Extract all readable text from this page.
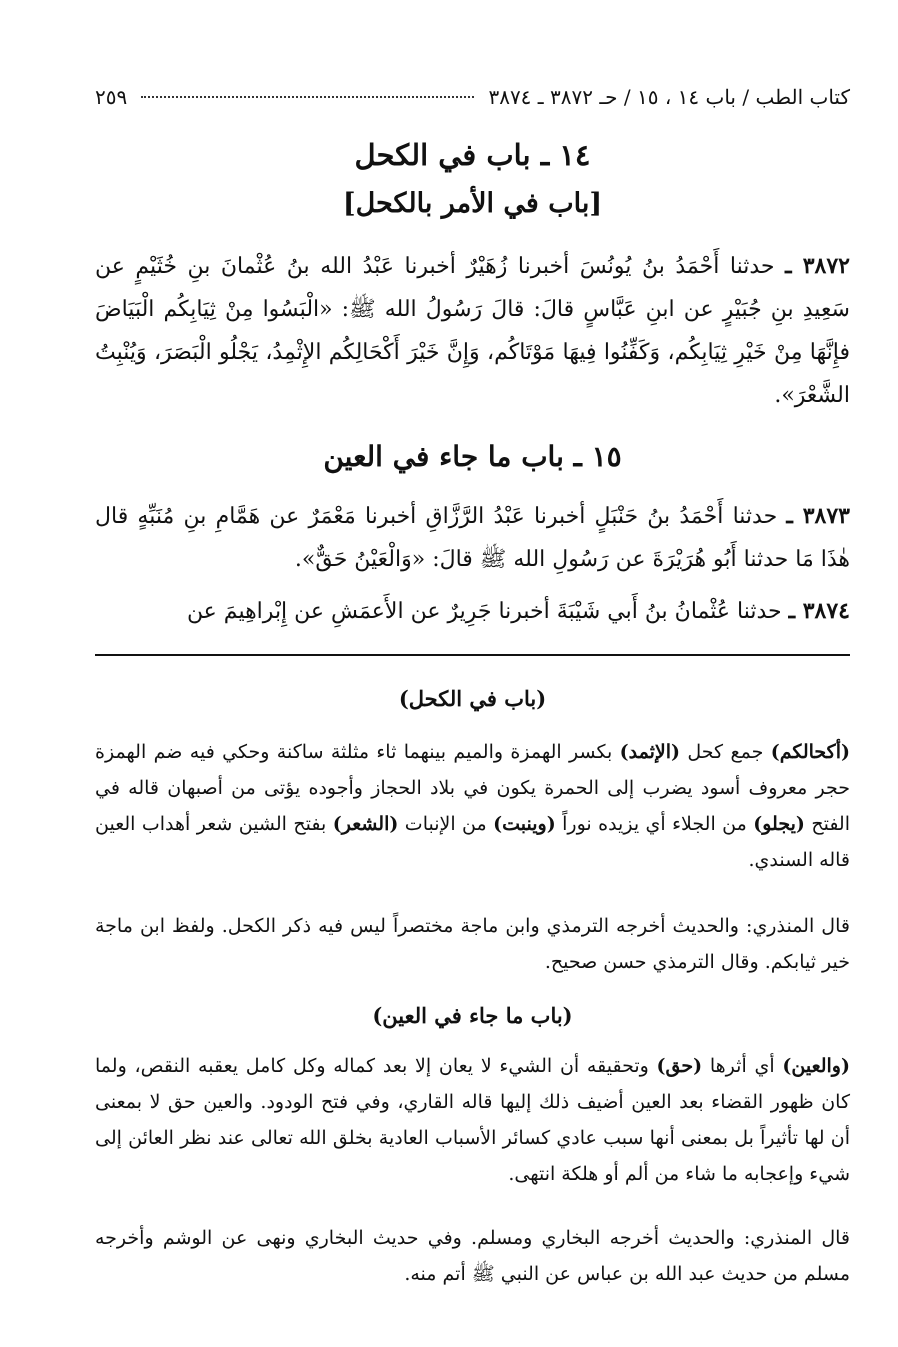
كتاب الطب / باب ١٤ ، ١٥ / حـ ٣٨٧٢ ـ ٣٨٧٤
٢٥٩
١٤ ـ باب في الكحل
[باب في الأمر بالكحل]
٣٨٧٢ ـ حدثنا أَحْمَدُ بنُ يُونُسَ أخبرنا زُهَيْرٌ أخبرنا عَبْدُ الله بنُ عُثْمانَ بنِ خُثَيْمٍ عن سَعِيدِ بنِ جُبَيْرٍ عن ابنِ عَبَّاسٍ قالَ: قالَ رَسُولُ الله ﷺ: «الْبَسُوا مِنْ ثِيَابِكُم الْبَيَاضَ فإِنَّهَا مِنْ خَيْرِ ثِيَابِكُم، وَكَفِّنُوا فِيهَا مَوْتَاكُم، وَإِنَّ خَيْرَ أَكْحَالِكُم الإِثْمِدُ، يَجْلُو الْبَصَرَ، وَيُنْبِتُ الشَّعْرَ».
١٥ ـ باب ما جاء في العين
٣٨٧٣ ـ حدثنا أَحْمَدُ بنُ حَنْبَلٍ أخبرنا عَبْدُ الرَّزَّاقِ أخبرنا مَعْمَرٌ عن هَمَّامِ بنِ مُنَبِّهٍ قال هٰذَا مَا حدثنا أَبُو هُرَيْرَةَ عن رَسُولِ الله ﷺ قالَ: «وَالْعَيْنُ حَقٌّ».
٣٨٧٤ ـ حدثنا عُثْمانُ بنُ أَبي شَيْبَةَ أخبرنا جَرِيرٌ عن الأَعمَشِ عن إِبْراهِيمَ عن
(باب في الكحل)
(أكحالكم) جمع كحل (الإثمد) بكسر الهمزة والميم بينهما ثاء مثلثة ساكنة وحكي فيه ضم الهمزة حجر معروف أسود يضرب إلى الحمرة يكون في بلاد الحجاز وأجوده يؤتى من أصبهان قاله في الفتح (يجلو) من الجلاء أي يزيده نوراً (وينبت) من الإنبات (الشعر) بفتح الشين شعر أهداب العين قاله السندي.
قال المنذري: والحديث أخرجه الترمذي وابن ماجة مختصراً ليس فيه ذكر الكحل. ولفظ ابن ماجة خير ثيابكم. وقال الترمذي حسن صحيح.
(باب ما جاء في العين)
(والعين) أي أثرها (حق) وتحقيقه أن الشيء لا يعان إلا بعد كماله وكل كامل يعقبه النقص، ولما كان ظهور القضاء بعد العين أضيف ذلك إليها قاله القاري، وفي فتح الودود. والعين حق لا بمعنى أن لها تأثيراً بل بمعنى أنها سبب عادي كسائر الأسباب العادية بخلق الله تعالى عند نظر العائن إلى شيء وإعجابه ما شاء من ألم أو هلكة انتهى.
قال المنذري: والحديث أخرجه البخاري ومسلم. وفي حديث البخاري ونهى عن الوشم وأخرجه مسلم من حديث عبد الله بن عباس عن النبي ﷺ أتم منه.
